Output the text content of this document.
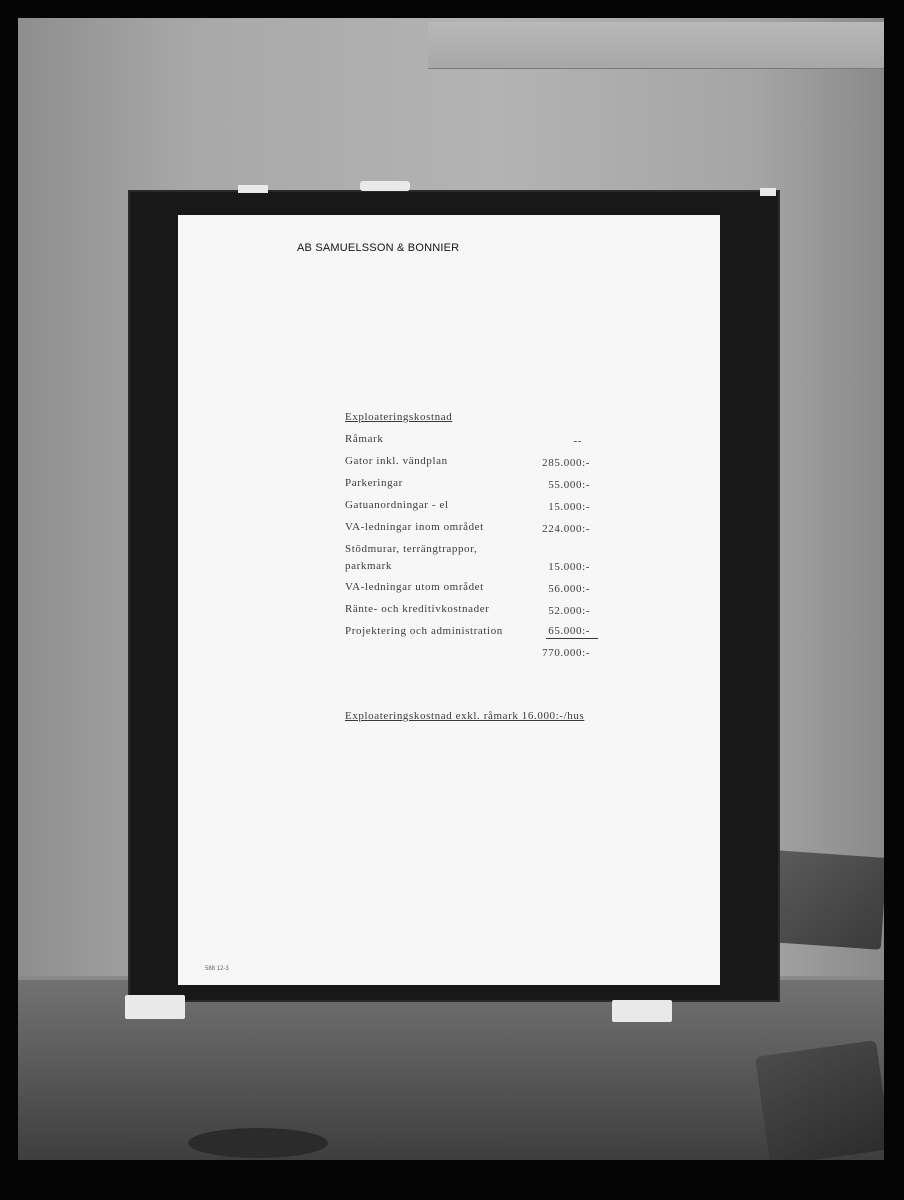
AB SAMUELSSON & BONNIER
Exploateringskostnad
Råmark	--
Gator inkl. vändplan	285.000:-
Parkeringar	55.000:-
Gatuanordningar - el	15.000:-
VA-ledningar inom området	224.000:-
Stödmurar, terrängtrappor,
parkmark	15.000:-
VA-ledningar utom området	56.000:-
Ränte- och kreditivkostnader	52.000:-
Projektering och administration	65.000:-
770.000:-
Exploateringskostnad exkl. råmark 16.000:-/hus
588 12-3
